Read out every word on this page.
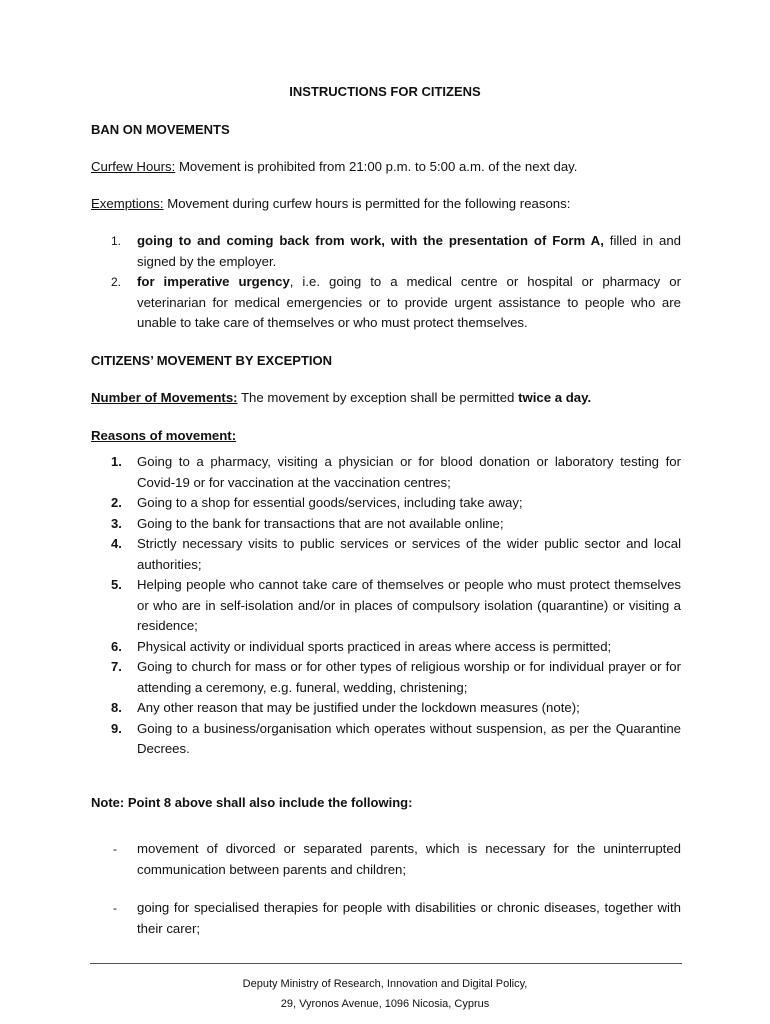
INSTRUCTIONS FOR CITIZENS
BAN ON MOVEMENTS
Curfew Hours: Movement is prohibited from 21:00 p.m. to 5:00 a.m. of the next day.
Exemptions: Movement during curfew hours is permitted for the following reasons:
1. going to and coming back from work, with the presentation of Form A, filled in and signed by the employer.
2. for imperative urgency, i.e. going to a medical centre or hospital or pharmacy or veterinarian for medical emergencies or to provide urgent assistance to people who are unable to take care of themselves or who must protect themselves.
CITIZENS’ MOVEMENT BY EXCEPTION
Number of Movements: The movement by exception shall be permitted twice a day.
Reasons of movement:
1. Going to a pharmacy, visiting a physician or for blood donation or laboratory testing for Covid-19 or for vaccination at the vaccination centres;
2. Going to a shop for essential goods/services, including take away;
3. Going to the bank for transactions that are not available online;
4. Strictly necessary visits to public services or services of the wider public sector and local authorities;
5. Helping people who cannot take care of themselves or people who must protect themselves or who are in self-isolation and/or in places of compulsory isolation (quarantine) or visiting a residence;
6. Physical activity or individual sports practiced in areas where access is permitted;
7. Going to church for mass or for other types of religious worship or for individual prayer or for attending a ceremony, e.g. funeral, wedding, christening;
8. Any other reason that may be justified under the lockdown measures (note);
9. Going to a business/organisation which operates without suspension, as per the Quarantine Decrees.
Note: Point 8 above shall also include the following:
- movement of divorced or separated parents, which is necessary for the uninterrupted communication between parents and children;
- going for specialised therapies for people with disabilities or chronic diseases, together with their carer;
Deputy Ministry of Research, Innovation and Digital Policy,
29, Vyronos Avenue, 1096 Nicosia, Cyprus
